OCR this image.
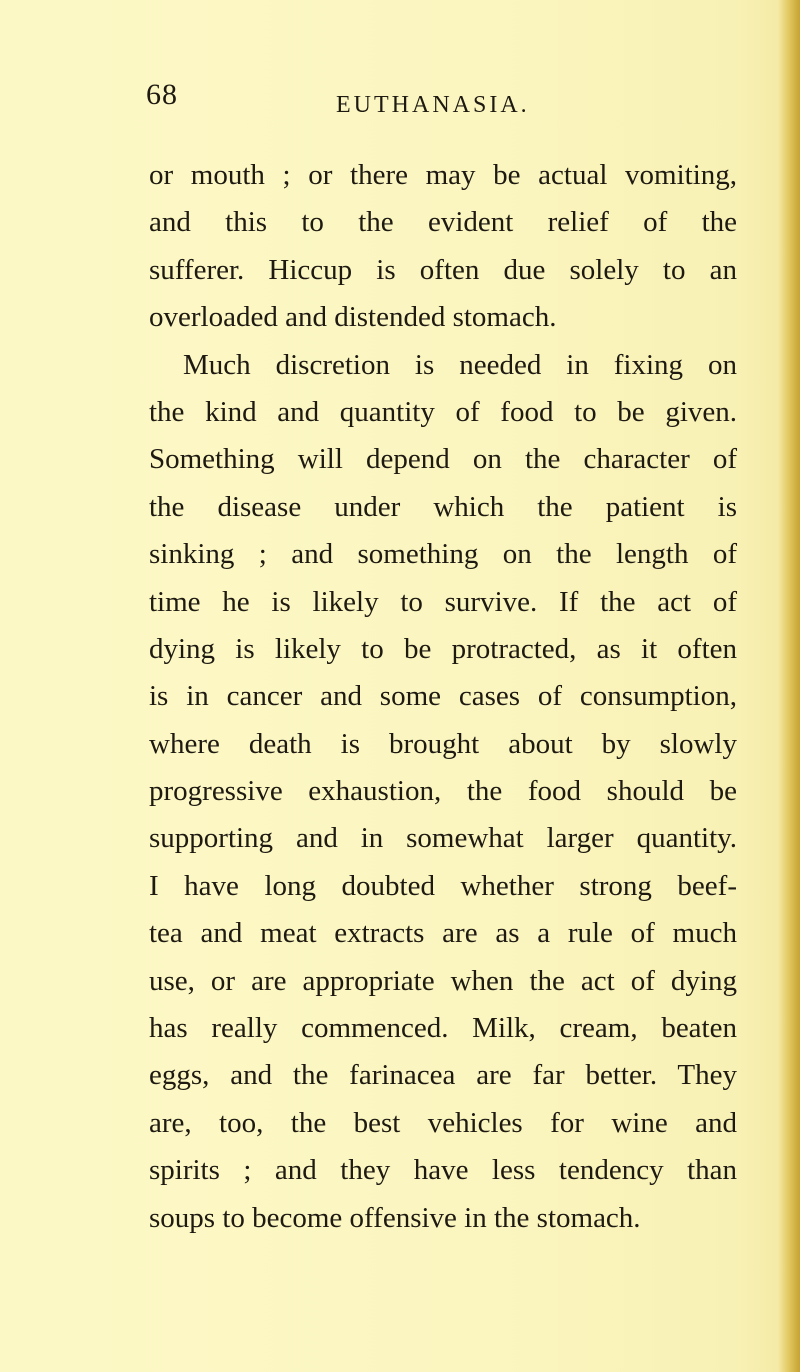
68	EUTHANASIA.
or mouth ; or there may be actual vomiting,
and this to the evident relief of the
sufferer. Hiccup is often due solely to an
overloaded and distended stomach.
Much discretion is needed in fixing on
the kind and quantity of food to be given.
Something will depend on the character of
the disease under which the patient is
sinking ; and something on the length of
time he is likely to survive. If the act of
dying is likely to be protracted, as it often
is in cancer and some cases of consumption,
where death is brought about by slowly
progressive exhaustion, the food should be
supporting and in somewhat larger quantity.
I have long doubted whether strong beef-
tea and meat extracts are as a rule of much
use, or are appropriate when the act of dying
has really commenced. Milk, cream, beaten
eggs, and the farinacea are far better. They
are, too, the best vehicles for wine and
spirits ; and they have less tendency than
soups to become offensive in the stomach.
